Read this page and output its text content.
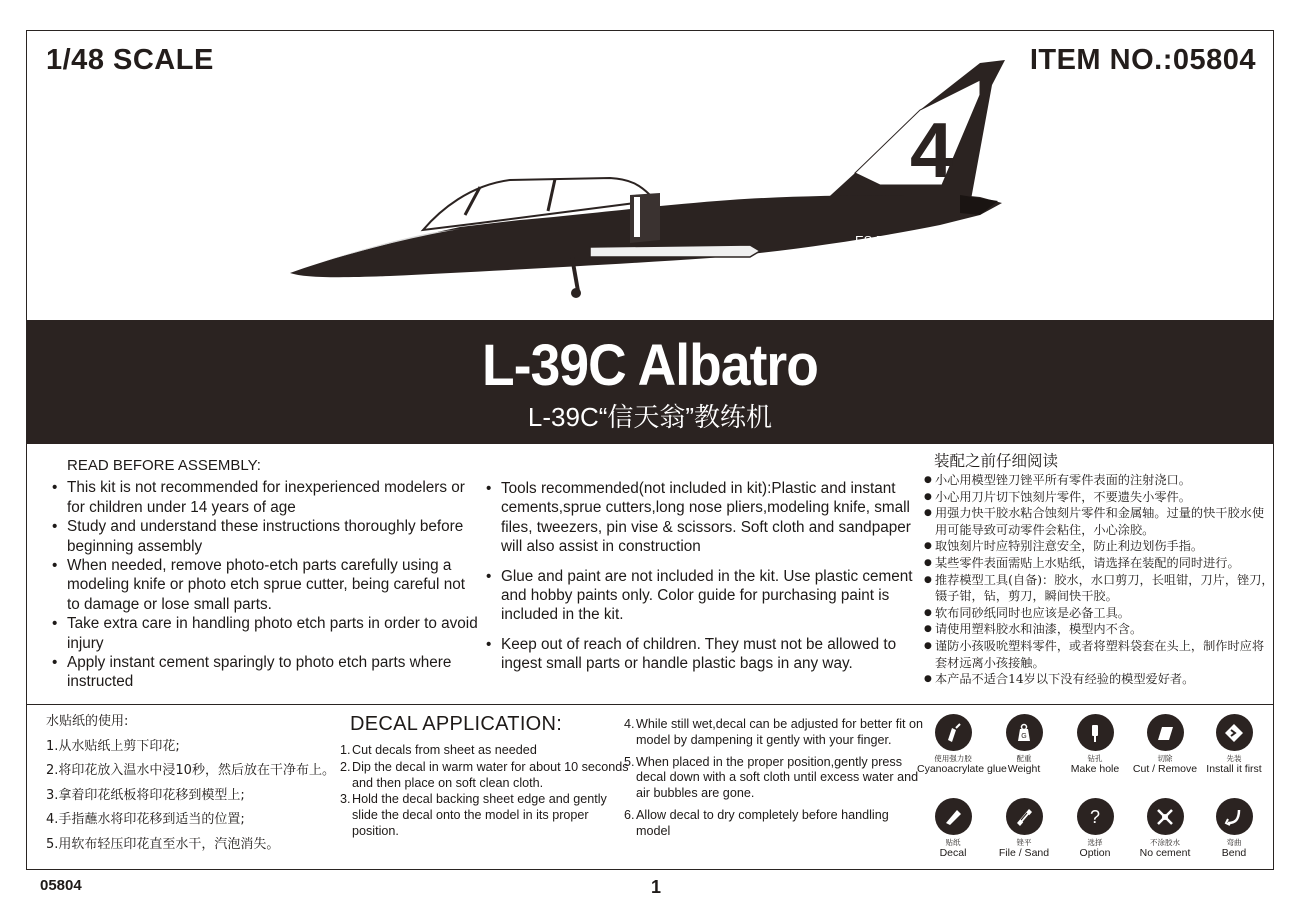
1/48 SCALE	ITEM NO.:05804
4
ES-TLG
L-39C Albatro
L-39C“信天翁”教练机
READ BEFORE ASSEMBLY:
• This kit is not recommended for inexperienced modelers or for children under 14 years of age
• Study and understand these instructions thoroughly before beginning assembly
• When needed, remove photo-etch parts carefully using a modeling knife or photo etch sprue cutter, being careful not to damage or lose small parts.
• Take extra care in handling photo etch parts in order to avoid injury
• Apply instant cement sparingly to photo etch parts where instructed
• Tools recommended(not included in kit):Plastic and instant cements,sprue cutters,long nose pliers,modeling knife, small files, tweezers, pin vise & scissors. Soft cloth and sandpaper will also assist in construction
• Glue and paint are not included in the kit. Use plastic cement and hobby paints only. Color guide for purchasing paint is included in the kit.
• Keep out of reach of children. They must not be allowed to ingest small parts or handle plastic bags in any way.
装配之前仔细阅读
● 小心用模型锉刀锉平所有零件表面的注射浇口。
● 小心用刀片切下蚀刻片零件，不要遗失小零件。
● 用强力快干胶水粘合蚀刻片零件和金属轴。过量的快干胶水使用可能导致可动零件会粘住，小心涂胶。
● 取蚀刻片时应特别注意安全，防止利边划伤手指。
● 某些零件表面需贴上水贴纸，请选择在装配的同时进行。
● 推荐模型工具(自备)：胶水，水口剪刀，长咀钳，刀片，锉刀，镊子钳，钻，剪刀，瞬间快干胶。
● 软布同砂纸同时也应该是必备工具。
● 请使用塑料胶水和油漆，模型内不含。
● 谨防小孩吸吮塑料零件，或者将塑料袋套在头上，制作时应将套材远离小孩接触。
● 本产品不适合14岁以下没有经验的模型爱好者。
水贴纸的使用:
1.从水贴纸上剪下印花;
2.将印花放入温水中浸10秒，然后放在干净布上。
3.拿着印花纸板将印花移到模型上;
4.手指蘸水将印花移到适当的位置;
5.用软布轻压印花直至水干，汽泡消失。
DECAL APPLICATION:
1. Cut decals from sheet as needed
2. Dip the decal in warm water for about 10 seconds and then place on soft clean cloth.
3. Hold the decal backing sheet edge and gently slide the decal onto the model in its proper position.
4. While still wet,decal can be adjusted for better fit on model by dampening it gently with your finger.
5. When placed in the proper position,gently press decal down with a soft cloth until excess water and air bubbles are gone.
6. Allow decal to dry completely before handling model
使用强力胶
Cyanoacrylate glue
G
配重
Weight
钻孔
Make hole
切除
Cut / Remove
先装
Install it first
贴纸
Decal
锉平
File / Sand
?
选择
Option
不涂胶水
No cement
弯曲
Bend
05804	1
